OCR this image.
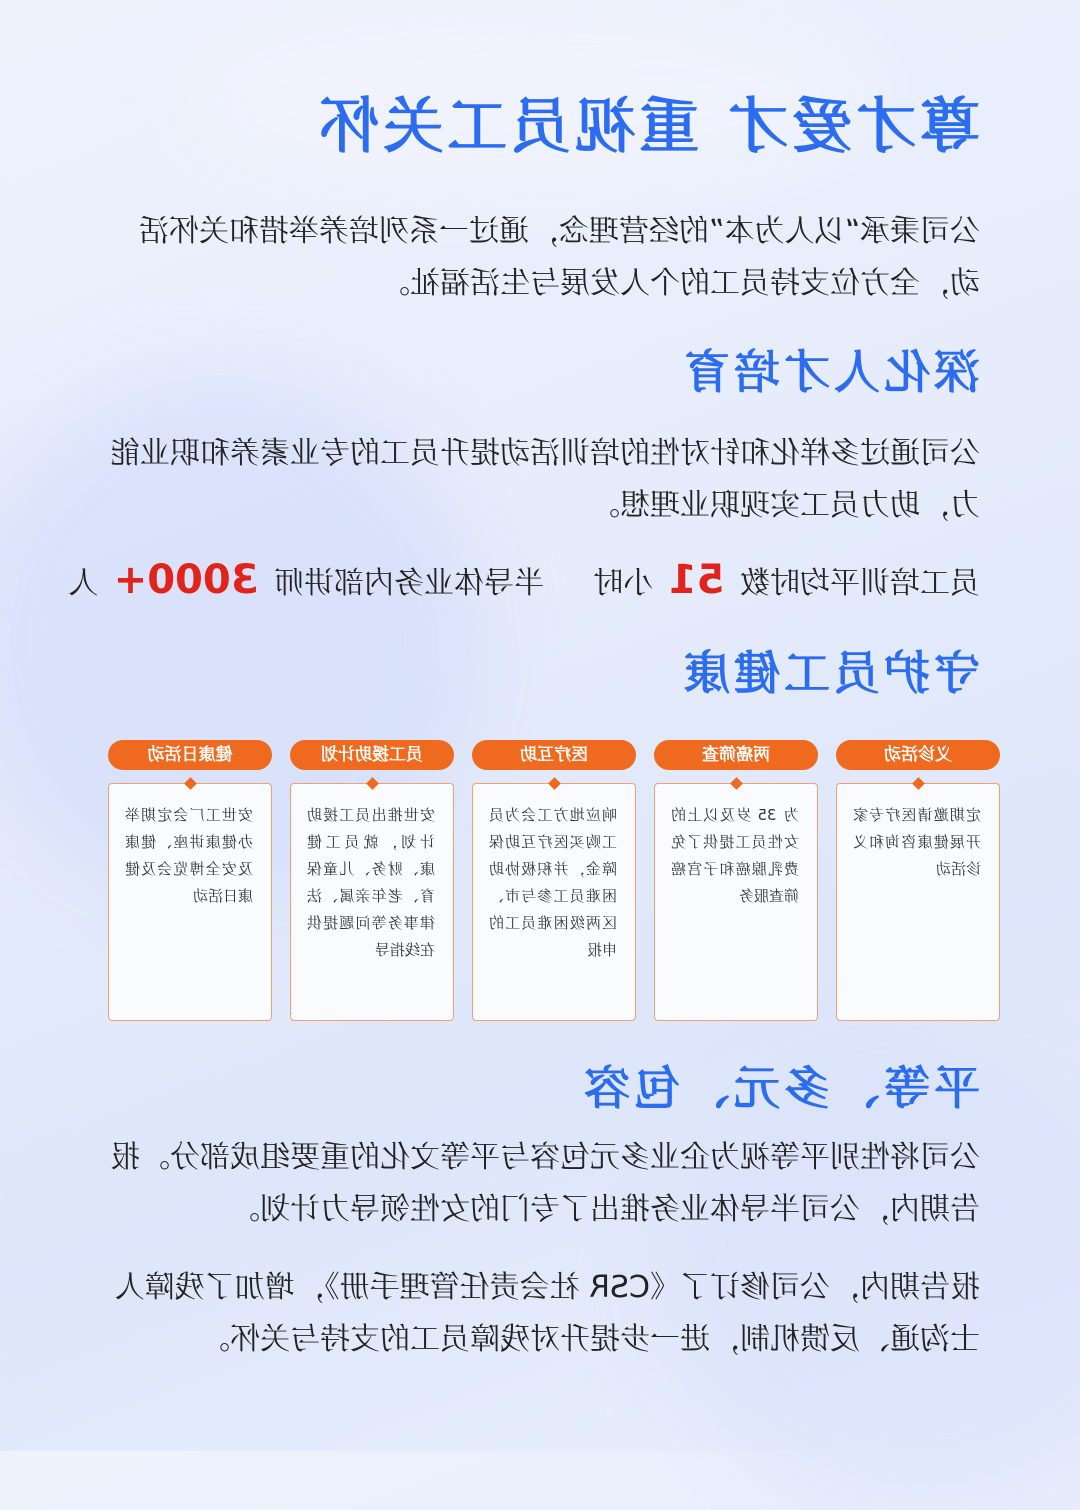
尊才爱才 重视员工关怀

公司秉承“以人为本”的经营理念，通过一系列培养举措和关怀活动，全方位支持员工的个人发展与生活福祉。

深化人才培育

公司通过多样化和针对性的培训活动提升员工的专业素养和职业能力，助力员工实现职业理想。

员工培训平均时数 51 小时  半导体业务内部讲师 3000+ 人
守护员工健康
义诊活动
定期邀请医疗专家开展健康咨询和义诊活动
两癌筛查
为 35 岁及以上的女性员工提供了免费乳腺癌和子宫癌筛查服务
医疗互助
响应地方工会为员工购买医疗互助保障金，并积极协助困难员工参与市、区两级困难员工的申报
员工援助计划
安世推出员工援助计划，就员工健康、财务、儿童保育、老年亲属、法律事务等问题提供在线指导
健康日活动
安世工厂会定期举办健康讲座、健康及安全博览会及健康日活动
平等、多元、包容

公司将性别平等视为企业多元包容与平等文化的重要组成部分。报告期内，公司半导体业务推出了专门的女性领导力计划。

报告期内，公司修订了《CSR 社会责任管理手册》，增加了残障人士沟通、反馈机制，进一步提升对残障员工的支持与关怀。
